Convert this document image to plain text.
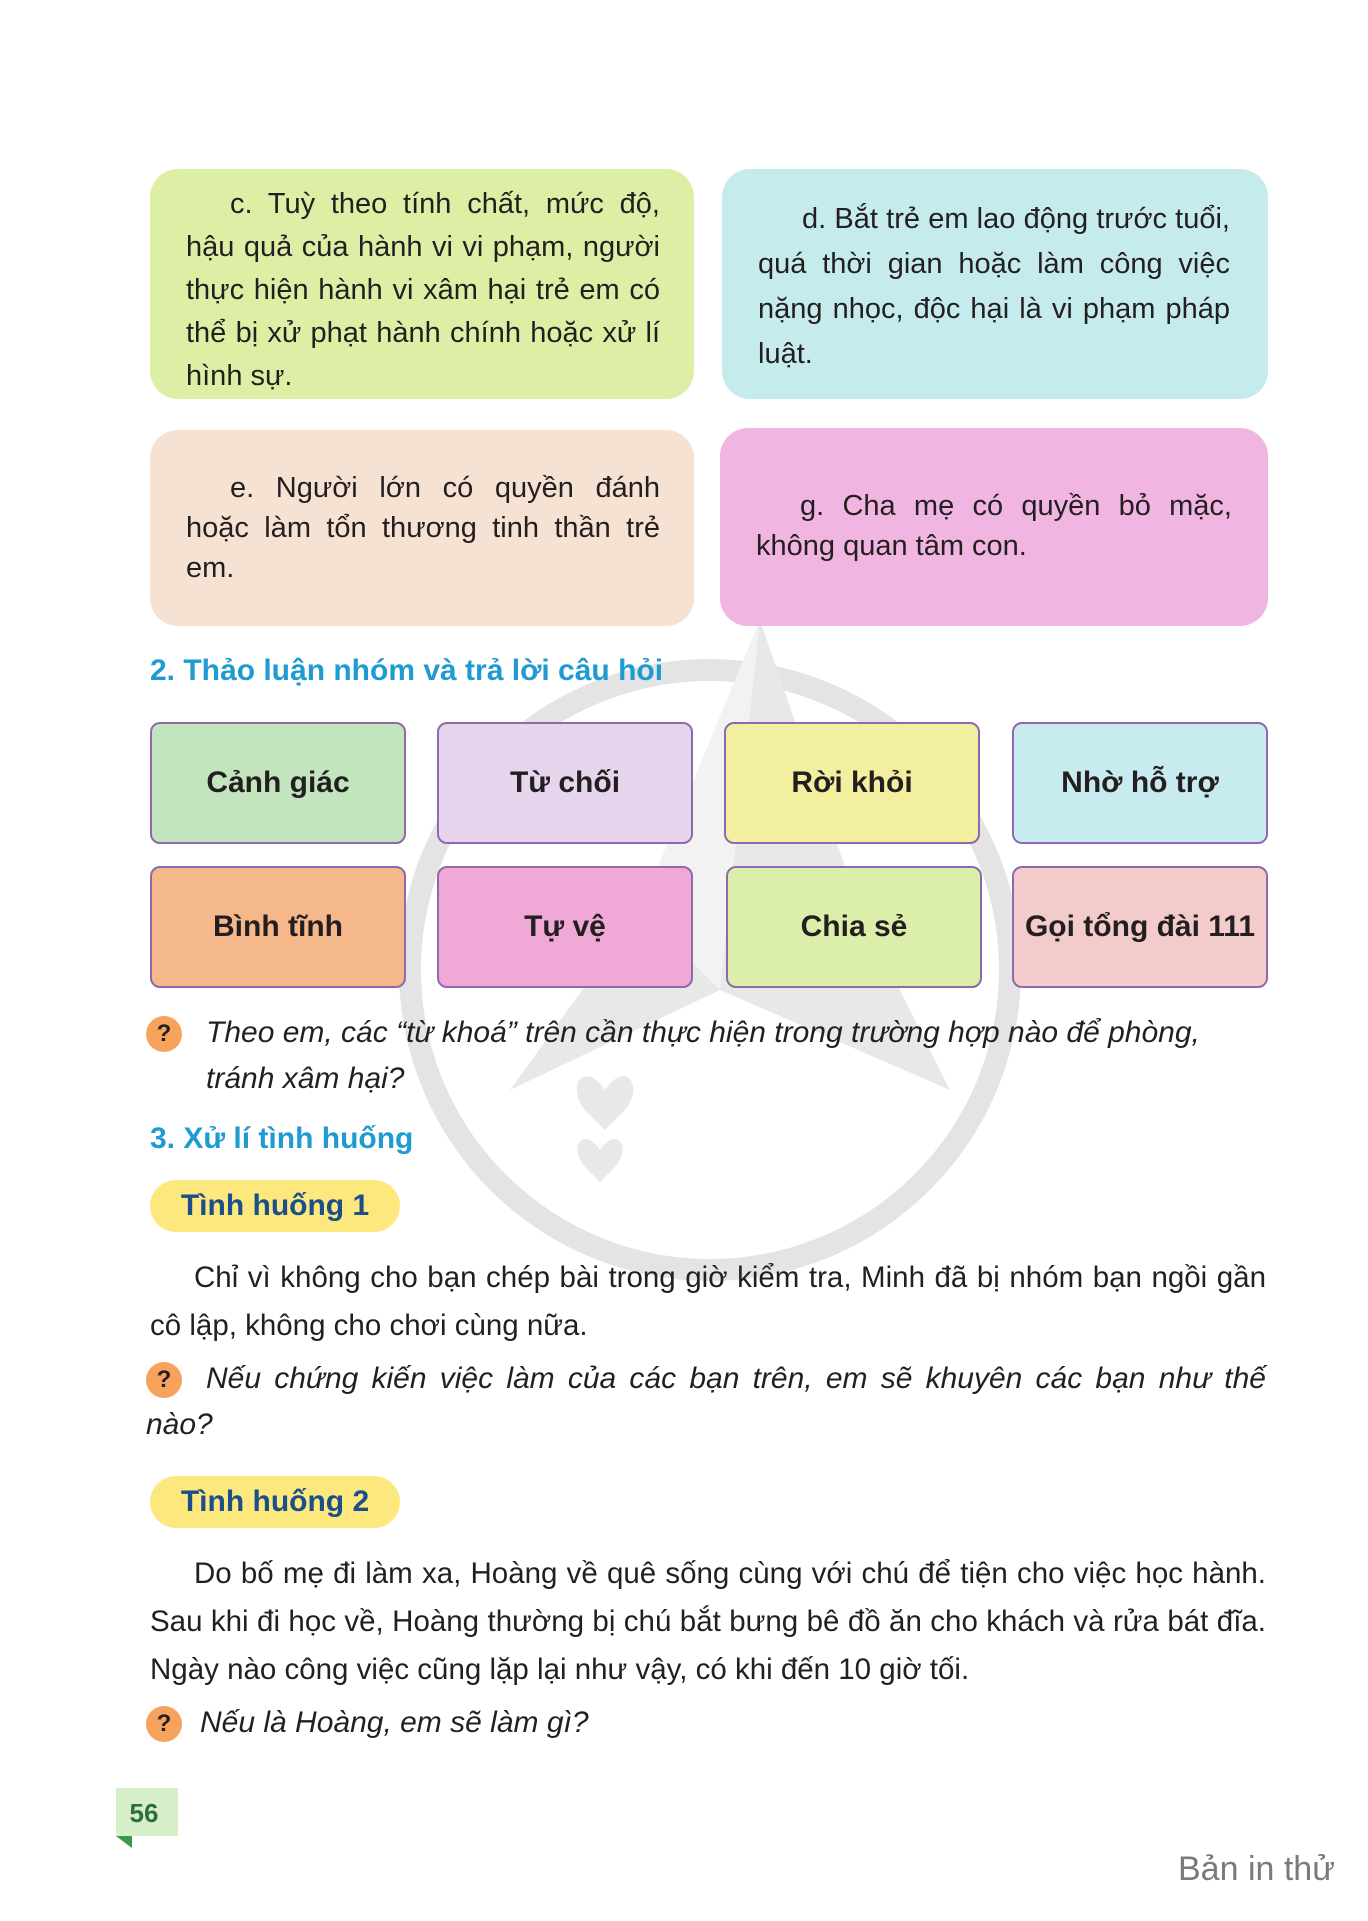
c. Tuỳ theo tính chất, mức độ, hậu quả của hành vi vi phạm, người thực hiện hành vi xâm hại trẻ em có thể bị xử phạt hành chính hoặc xử lí hình sự.
d. Bắt trẻ em lao động trước tuổi, quá thời gian hoặc làm công việc nặng nhọc, độc hại là vi phạm pháp luật.
e. Người lớn có quyền đánh hoặc làm tổn thương tinh thần trẻ em.
g. Cha mẹ có quyền bỏ mặc, không quan tâm con.
2. Thảo luận nhóm và trả lời câu hỏi
Cảnh giác	Từ chối	Rời khỏi	Nhờ hỗ trợ
Bình tĩnh	Tự vệ	Chia sẻ	Gọi tổng đài 111
?	Theo em, các “từ khoá” trên cần thực hiện trong trường hợp nào để phòng, tránh xâm hại?
3. Xử lí tình huống
Tình huống 1
Chỉ vì không cho bạn chép bài trong giờ kiểm tra, Minh đã bị nhóm bạn ngồi gần cô lập, không cho chơi cùng nữa.
?	Nếu chứng kiến việc làm của các bạn trên, em sẽ khuyên các bạn như thế nào?
Tình huống 2
Do bố mẹ đi làm xa, Hoàng về quê sống cùng với chú để tiện cho việc học hành. Sau khi đi học về, Hoàng thường bị chú bắt bưng bê đồ ăn cho khách và rửa bát đĩa. Ngày nào công việc cũng lặp lại như vậy, có khi đến 10 giờ tối.
? Nếu là Hoàng, em sẽ làm gì?
56
Bản in thử
